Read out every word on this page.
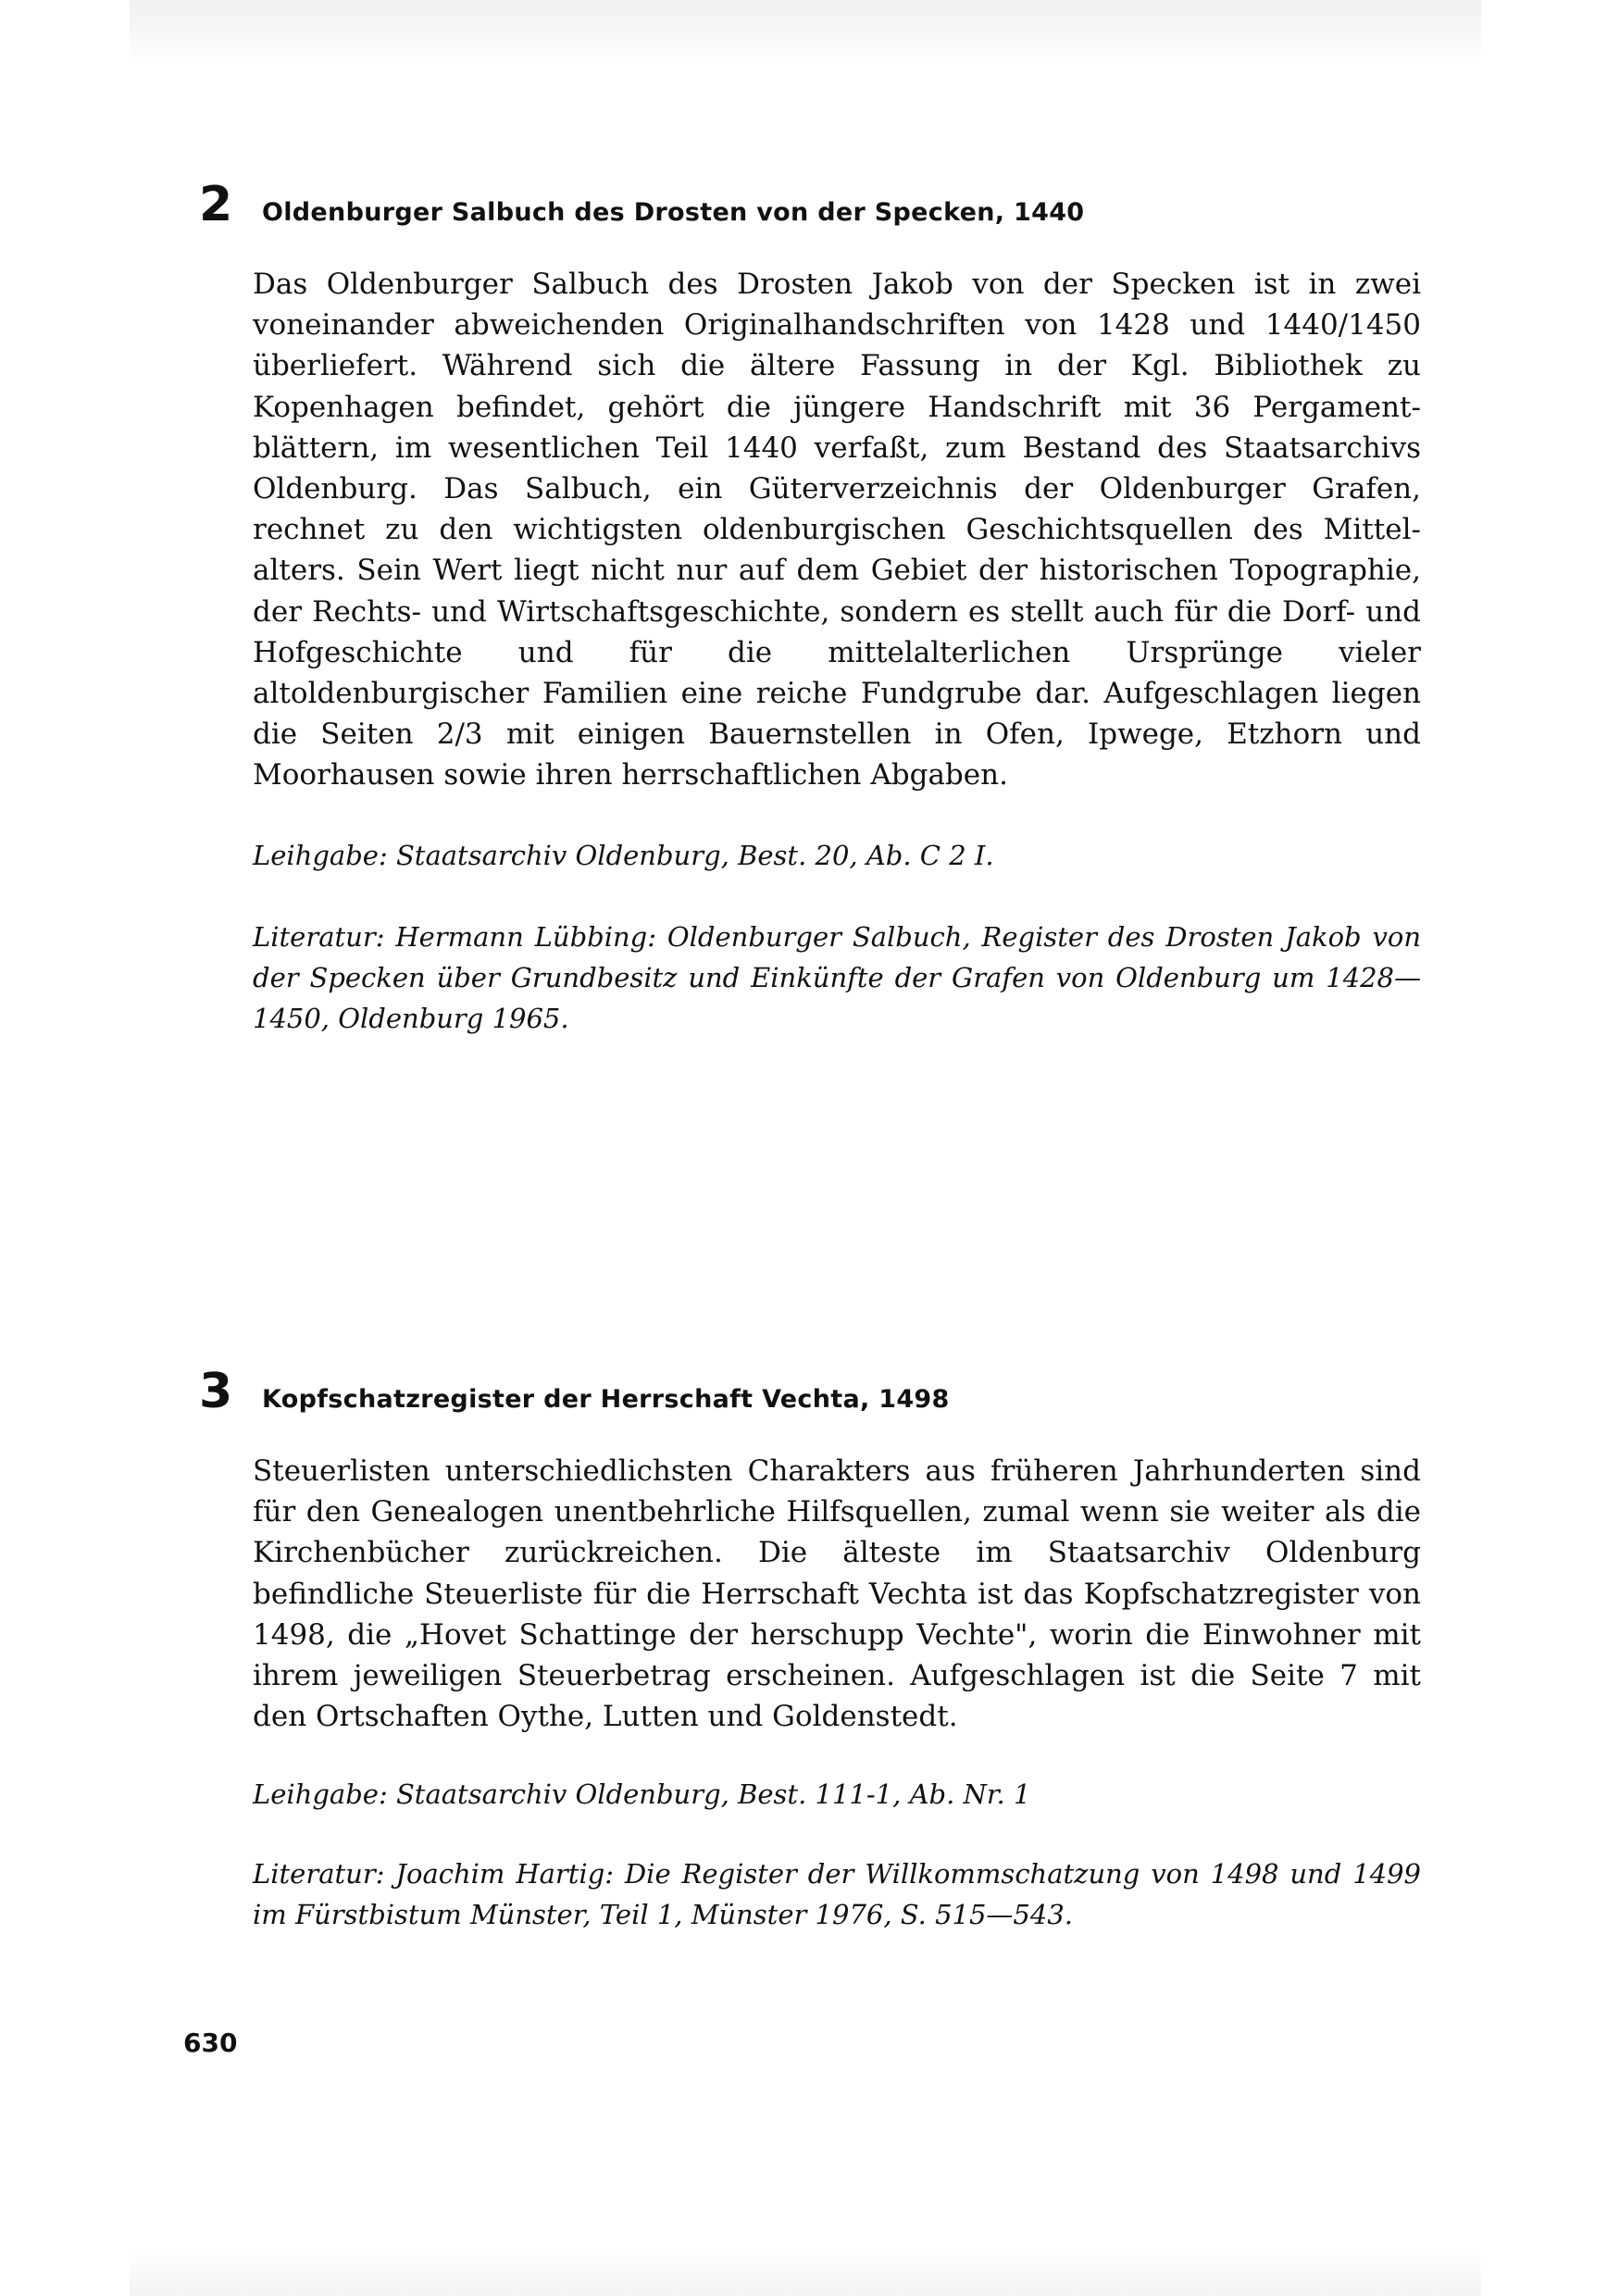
2	Oldenburger Salbuch des Drosten von der Specken, 1440

Das Oldenburger Salbuch des Drosten Jakob von der Specken ist in zwei voneinander abweichenden Originalhandschriften von 1428 und 1440/1450 überliefert. Während sich die ältere Fassung in der Kgl. Bibliothek zu Kopenhagen befindet, gehört die jüngere Handschrift mit 36 Pergamentblättern, im wesentlichen Teil 1440 verfaßt, zum Bestand des Staatsarchivs Oldenburg. Das Salbuch, ein Güterverzeichnis der Oldenburger Grafen, rechnet zu den wichtigsten oldenburgischen Geschichtsquellen des Mittelalters. Sein Wert liegt nicht nur auf dem Gebiet der historischen Topographie, der Rechts- und Wirtschaftsgeschichte, sondern es stellt auch für die Dorf- und Hofgeschichte und für die mittelalterlichen Ursprünge vieler altoldenburgischer Familien eine reiche Fundgrube dar. Aufgeschlagen liegen die Seiten 2/3 mit einigen Bauernstellen in Ofen, Ipwege, Etzhorn und Moorhausen sowie ihren herrschaftlichen Abgaben.

Leihgabe: Staatsarchiv Oldenburg, Best. 20, Ab. C 2 I.

Literatur: Hermann Lübbing: Oldenburger Salbuch, Register des Drosten Jakob von der Specken über Grundbesitz und Einkünfte der Grafen von Oldenburg um 1428—1450, Oldenburg 1965.

3	Kopfschatzregister der Herrschaft Vechta, 1498

Steuerlisten unterschiedlichsten Charakters aus früheren Jahrhunderten sind für den Genealogen unentbehrliche Hilfsquellen, zumal wenn sie weiter als die Kirchenbücher zurückreichen. Die älteste im Staatsarchiv Oldenburg befindliche Steuerliste für die Herrschaft Vechta ist das Kopfschatzregister von 1498, die „Hovet Schattinge der herschupp Vechte", worin die Einwohner mit ihrem jeweiligen Steuerbetrag erscheinen. Aufgeschlagen ist die Seite 7 mit den Ortschaften Oythe, Lutten und Goldenstedt.

Leihgabe: Staatsarchiv Oldenburg, Best. 111-1, Ab. Nr. 1

Literatur: Joachim Hartig: Die Register der Willkommschatzung von 1498 und 1499 im Fürstbistum Münster, Teil 1, Münster 1976, S. 515—543.

630
